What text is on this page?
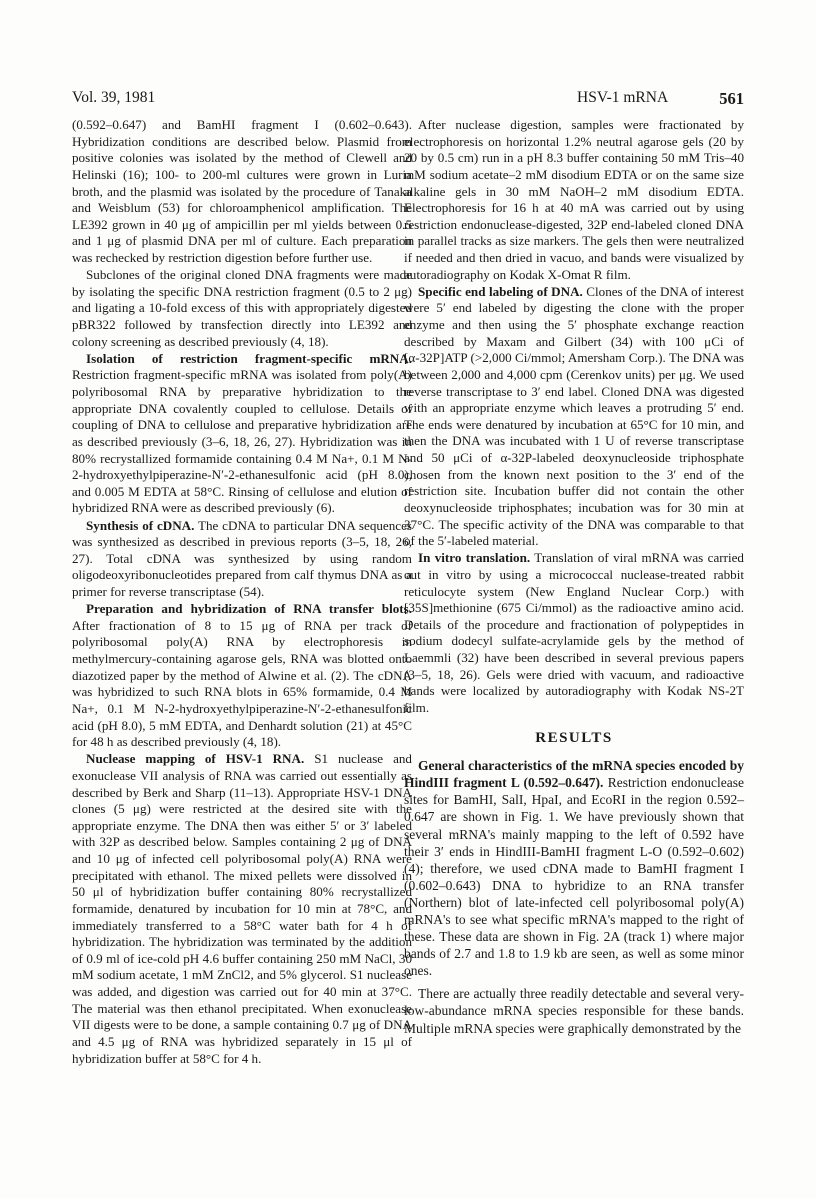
Vol. 39, 1981	HSV-1 mRNA	561

(0.592–0.647) and BamHI fragment I (0.602–0.643). Hybridization conditions are described below. Plasmid from positive colonies was isolated by the method of Clewell and Helinski (16); 100- to 200-ml cultures were grown in Luria broth, and the plasmid was isolated by the procedure of Tanaka and Weisblum (53) for chloroamphenicol amplification. The LE392 grown in 40 μg of ampicillin per ml yields between 0.5 and 1 μg of plasmid DNA per ml of culture. Each preparation was rechecked by restriction digestion before further use.

Subclones of the original cloned DNA fragments were made by isolating the specific DNA restriction fragment (0.5 to 2 μg) and ligating a 10-fold excess of this with appropriately digested pBR322 followed by transfection directly into LE392 and colony screening as described previously (4, 18).

Isolation of restriction fragment-specific mRNA. Restriction fragment-specific mRNA was isolated from poly(A) polyribosomal RNA by preparative hybridization to the appropriate DNA covalently coupled to cellulose. Details of coupling of DNA to cellulose and preparative hybridization are as described previously (3–6, 18, 26, 27). Hybridization was in 80% recrystallized formamide containing 0.4 M Na+, 0.1 M N-2-hydroxyethylpiperazine-N′-2-ethanesulfonic acid (pH 8.0), and 0.005 M EDTA at 58°C. Rinsing of cellulose and elution of hybridized RNA were as described previously (6).

Synthesis of cDNA. The cDNA to particular DNA sequences was synthesized as described in previous reports (3–5, 18, 26, 27). Total cDNA was synthesized by using random oligodeoxyribonucleotides prepared from calf thymus DNA as a primer for reverse transcriptase (54).

Preparation and hybridization of RNA transfer blots. After fractionation of 8 to 15 μg of RNA per track of polyribosomal poly(A) RNA by electrophoresis in methylmercury-containing agarose gels, RNA was blotted onto diazotized paper by the method of Alwine et al. (2). The cDNA was hybridized to such RNA blots in 65% formamide, 0.4 M Na+, 0.1 M N-2-hydroxyethylpiperazine-N′-2-ethanesulfonic acid (pH 8.0), 5 mM EDTA, and Denhardt solution (21) at 45°C for 48 h as described previously (4, 18).

Nuclease mapping of HSV-1 RNA. S1 nuclease and exonuclease VII analysis of RNA was carried out essentially as described by Berk and Sharp (11–13). Appropriate HSV-1 DNA clones (5 μg) were restricted at the desired site with the appropriate enzyme. The DNA then was either 5′ or 3′ labeled with 32P as described below. Samples containing 2 μg of DNA and 10 μg of infected cell polyribosomal poly(A) RNA were precipitated with ethanol. The mixed pellets were dissolved in 50 μl of hybridization buffer containing 80% recrystallized formamide, denatured by incubation for 10 min at 78°C, and immediately transferred to a 58°C water bath for 4 h of hybridization. The hybridization was terminated by the addition of 0.9 ml of ice-cold pH 4.6 buffer containing 250 mM NaCl, 30 mM sodium acetate, 1 mM ZnCl2, and 5% glycerol. S1 nuclease was added, and digestion was carried out for 40 min at 37°C. The material was then ethanol precipitated. When exonuclease VII digests were to be done, a sample containing 0.7 μg of DNA and 4.5 μg of RNA was hybridized separately in 15 μl of hybridization buffer at 58°C for 4 h.

After nuclease digestion, samples were fractionated by electrophoresis on horizontal 1.2% neutral agarose gels (20 by 20 by 0.5 cm) run in a pH 8.3 buffer containing 50 mM Tris–40 mM sodium acetate–2 mM disodium EDTA or on the same size alkaline gels in 30 mM NaOH–2 mM disodium EDTA. Electrophoresis for 16 h at 40 mA was carried out by using restriction endonuclease-digested, 32P end-labeled cloned DNA in parallel tracks as size markers. The gels then were neutralized if needed and then dried in vacuo, and bands were visualized by autoradiography on Kodak X-Omat R film.

Specific end labeling of DNA. Clones of the DNA of interest were 5′ end labeled by digesting the clone with the proper enzyme and then using the 5′ phosphate exchange reaction described by Maxam and Gilbert (34) with 100 μCi of [α-32P]ATP (>2,000 Ci/mmol; Amersham Corp.). The DNA was between 2,000 and 4,000 cpm (Cerenkov units) per μg. We used reverse transcriptase to 3′ end label. Cloned DNA was digested with an appropriate enzyme which leaves a protruding 5′ end. The ends were denatured by incubation at 65°C for 10 min, and then the DNA was incubated with 1 U of reverse transcriptase and 50 μCi of α-32P-labeled deoxynucleoside triphosphate chosen from the known next position to the 3′ end of the restriction site. Incubation buffer did not contain the other deoxynucleoside triphosphates; incubation was for 30 min at 37°C. The specific activity of the DNA was comparable to that of the 5′-labeled material.

In vitro translation. Translation of viral mRNA was carried out in vitro by using a micrococcal nuclease-treated rabbit reticulocyte system (New England Nuclear Corp.) with [35S]methionine (675 Ci/mmol) as the radioactive amino acid. Details of the procedure and fractionation of polypeptides in sodium dodecyl sulfate-acrylamide gels by the method of Laemmli (32) have been described in several previous papers (3–5, 18, 26). Gels were dried with vacuum, and radioactive bands were localized by autoradiography with Kodak NS-2T film.

RESULTS

General characteristics of the mRNA species encoded by HindIII fragment L (0.592–0.647). Restriction endonuclease sites for BamHI, SalI, HpaI, and EcoRI in the region 0.592–0.647 are shown in Fig. 1. We have previously shown that several mRNA's mainly mapping to the left of 0.592 have their 3′ ends in HindIII-BamHI fragment L-O (0.592–0.602) (4); therefore, we used cDNA made to BamHI fragment I (0.602–0.643) DNA to hybridize to an RNA transfer (Northern) blot of late-infected cell polyribosomal poly(A) mRNA's to see what specific mRNA's mapped to the right of these. These data are shown in Fig. 2A (track 1) where major bands of 2.7 and 1.8 to 1.9 kb are seen, as well as some minor ones.

There are actually three readily detectable and several very-low-abundance mRNA species responsible for these bands. Multiple mRNA species were graphically demonstrated by the
